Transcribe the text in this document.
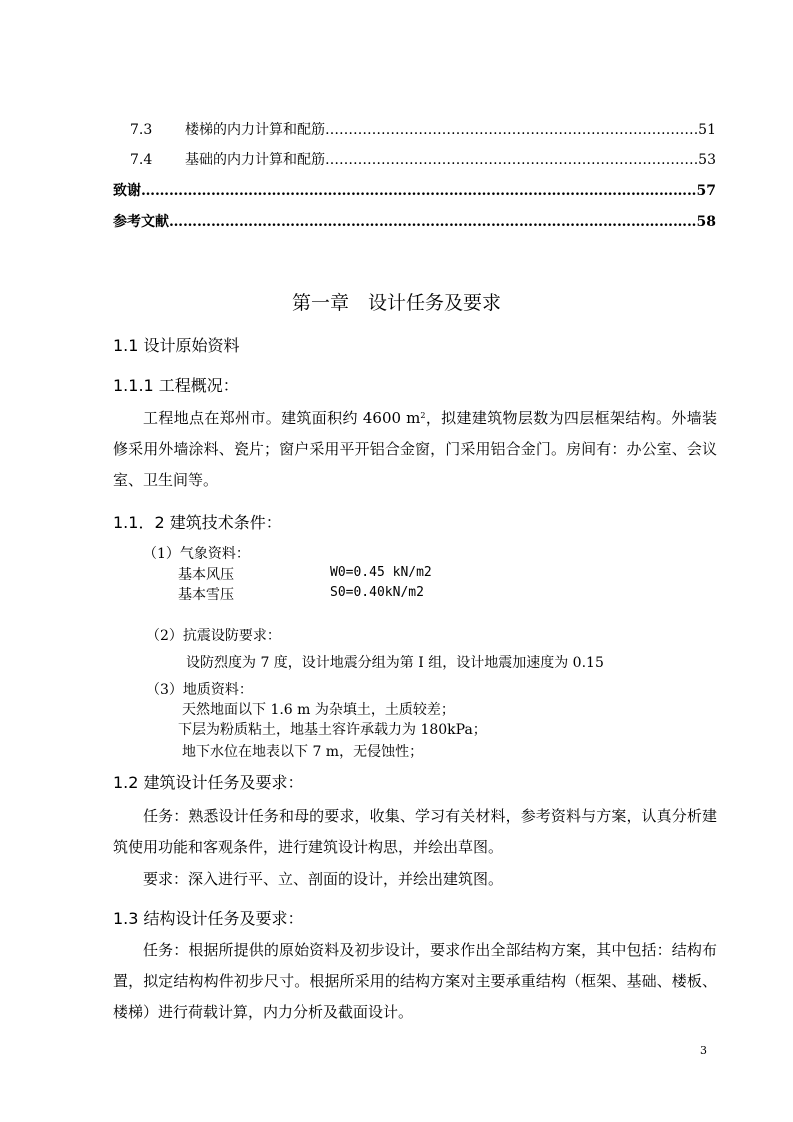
7.3	楼梯的内力计算和配筋 …………………………………………………………………………………………………………………………………………………………	51
7.4	基础的内力计算和配筋 …………………………………………………………………………………………………………………………………………………………	53
致谢 …………………………………………………………………………………………………………………………………………………………	57
参考文献 …………………………………………………………………………………………………………………………………………………………	58
第一章　设计任务及要求
1.1 设计原始资料
1.1.1 工程概况：
工程地点在郑州市。建筑面积约 4600 $m^2$，拟建建筑物层数为四层框架结构。外墙装修采用外墙涂料、瓷片；窗户采用平开铝合金窗，门采用铝合金门。房间有：办公室、会议室、卫生间等。
1.1．2 建筑技术条件：
（1）气象资料：
基本风压	W0=0.45 kN/m2
基本雪压	S0=0.40kN/m2
（2）抗震设防要求：
设防烈度为 7 度，设计地震分组为第 I 组，设计地震加速度为 0.15
（3）地质资料：
天然地面以下 1.6 m 为杂填土，土质较差；
下层为粉质粘土，地基土容许承载力为 180kPa；
地下水位在地表以下 7 m，无侵蚀性；
1.2 建筑设计任务及要求：
任务：熟悉设计任务和母的要求，收集、学习有关材料，参考资料与方案，认真分析建筑使用功能和客观条件，进行建筑设计构思，并绘出草图。
要求：深入进行平、立、剖面的设计，并绘出建筑图。
1.3 结构设计任务及要求：
任务：根据所提供的原始资料及初步设计，要求作出全部结构方案，其中包括：结构布置，拟定结构构件初步尺寸。根据所采用的结构方案对主要承重结构（框架、基础、楼板、楼梯）进行荷载计算，内力分析及截面设计。
3
